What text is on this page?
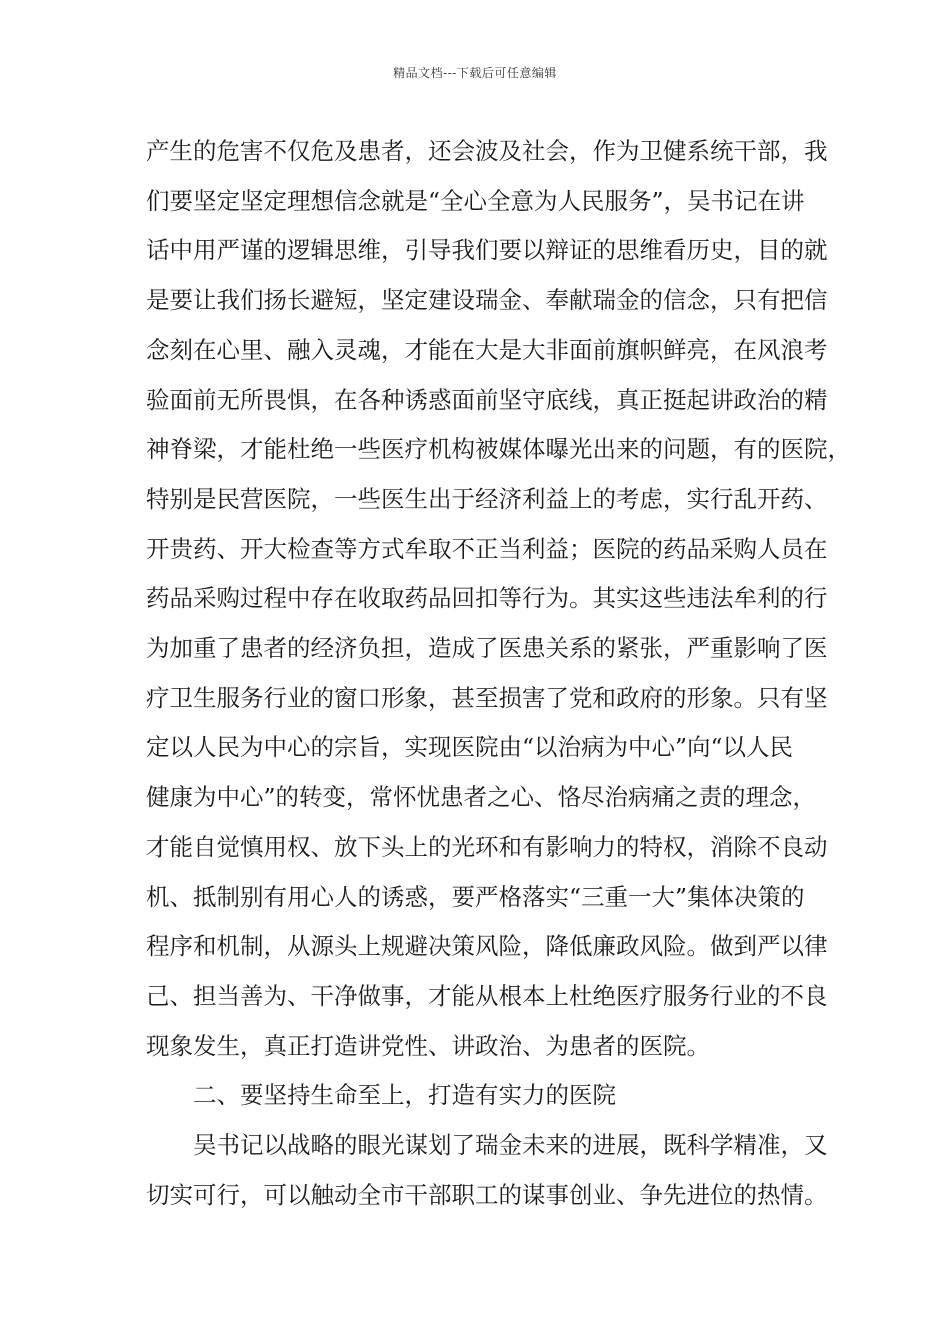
精品文档---下载后可任意编辑
产生的危害不仅危及患者，还会波及社会，作为卫健系统干部，我
们要坚定坚定理想信念就是“全心全意为人民服务”，吴书记在讲
话中用严谨的逻辑思维，引导我们要以辩证的思维看历史，目的就
是要让我们扬长避短，坚定建设瑞金、奉献瑞金的信念，只有把信
念刻在心里、融入灵魂，才能在大是大非面前旗帜鲜亮，在风浪考
验面前无所畏惧，在各种诱惑面前坚守底线，真正挺起讲政治的精
神脊梁，才能杜绝一些医疗机构被媒体曝光出来的问题，有的医院，
特别是民营医院，一些医生出于经济利益上的考虑，实行乱开药、
开贵药、开大检查等方式牟取不正当利益；医院的药品采购人员在
药品采购过程中存在收取药品回扣等行为。其实这些违法牟利的行
为加重了患者的经济负担，造成了医患关系的紧张，严重影响了医
疗卫生服务行业的窗口形象，甚至损害了党和政府的形象。只有坚
定以人民为中心的宗旨，实现医院由“以治病为中心”向“以人民
健康为中心”的转变，常怀忧患者之心、恪尽治病痛之责的理念，
才能自觉慎用权、放下头上的光环和有影响力的特权，消除不良动
机、抵制别有用心人的诱惑，要严格落实“三重一大”集体决策的
程序和机制，从源头上规避决策风险，降低廉政风险。做到严以律
己、担当善为、干净做事，才能从根本上杜绝医疗服务行业的不良
现象发生，真正打造讲党性、讲政治、为患者的医院。
二、要坚持生命至上，打造有实力的医院
吴书记以战略的眼光谋划了瑞金未来的进展，既科学精准，又
切实可行，可以触动全市干部职工的谋事创业、争先进位的热情。
